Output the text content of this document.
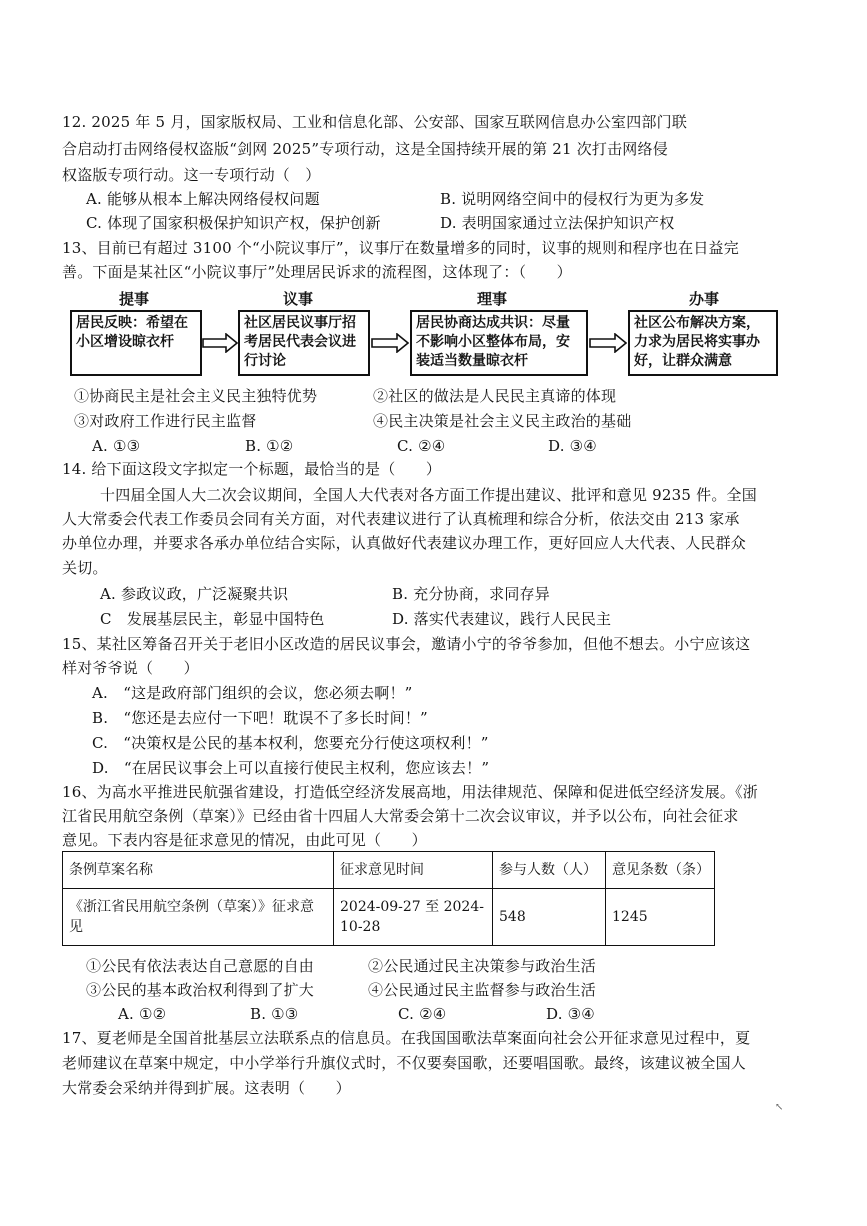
12. 2025 年 5 月，国家版权局、工业和信息化部、公安部、国家互联网信息办公室四部门联
合启动打击网络侵权盗版“剑网 2025”专项行动，这是全国持续开展的第 21 次打击网络侵
权盗版专项行动。这一专项行动（　）
A. 能够从根本上解决网络侵权问题	B. 说明网络空间中的侵权行为更为多发
C. 体现了国家积极保护知识产权，保护创新	D. 表明国家通过立法保护知识产权
13、目前已有超过 3100 个“小院议事厅”，议事厅在数量增多的同时，议事的规则和程序也在日益完
善。下面是某社区“小院议事厅”处理居民诉求的流程图，这体现了：（　　）
提事	议事	理事	办事
居民反映：希望在小区增设晾衣杆
社区居民议事厅招考居民代表会议进行讨论
居民协商达成共识：尽量不影响小区整体布局，安装适当数量晾衣杆
社区公布解决方案，力求为居民将实事办好，让群众满意
①协商民主是社会主义民主独特优势	②社区的做法是人民民主真谛的体现
③对政府工作进行民主监督	④民主决策是社会主义民主政治的基础
A. ①③	B. ①②	C. ②④	D. ③④
14. 给下面这段文字拟定一个标题，最恰当的是（　　）
十四届全国人大二次会议期间，全国人大代表对各方面工作提出建议、批评和意见 9235 件。全国
人大常委会代表工作委员会同有关方面，对代表建议进行了认真梳理和综合分析，依法交由 213 家承
办单位办理，并要求各承办单位结合实际，认真做好代表建议办理工作，更好回应人大代表、人民群众
关切。
A. 参政议政，广泛凝聚共识	B. 充分协商，求同存异
C　发展基层民主，彰显中国特色	D. 落实代表建议，践行人民民主
15、某社区筹备召开关于老旧小区改造的居民议事会，邀请小宁的爷爷参加，但他不想去。小宁应该这
样对爷爷说（　　）
A.　“这是政府部门组织的会议，您必须去啊！”
B.　“您还是去应付一下吧！耽误不了多长时间！”
C.　“决策权是公民的基本权利，您要充分行使这项权利！”
D.　“在居民议事会上可以直接行使民主权利，您应该去！”
16、为高水平推进民航强省建设，打造低空经济发展高地，用法律规范、保障和促进低空经济发展。《浙
江省民用航空条例（草案）》已经由省十四届人大常委会第十二次会议审议，并予以公布，向社会征求
意见。下表内容是征求意见的情况，由此可见（　　）
条例草案名称	征求意见时间	参与人数（人）	意见条数（条）
《浙江省民用航空条例（草案）》征求意见	2024-09-27 至 2024-10-28	548	1245
①公民有依法表达自己意愿的自由	②公民通过民主决策参与政治生活
③公民的基本政治权利得到了扩大	④公民通过民主监督参与政治生活
A. ①②	B. ①③	C. ②④	D. ③④
17、夏老师是全国首批基层立法联系点的信息员。在我国国歌法草案面向社会公开征求意见过程中，夏
老师建议在草案中规定，中小学举行升旗仪式时，不仅要奏国歌，还要唱国歌。最终，该建议被全国人
大常委会采纳并得到扩展。这表明（　　）
↖
